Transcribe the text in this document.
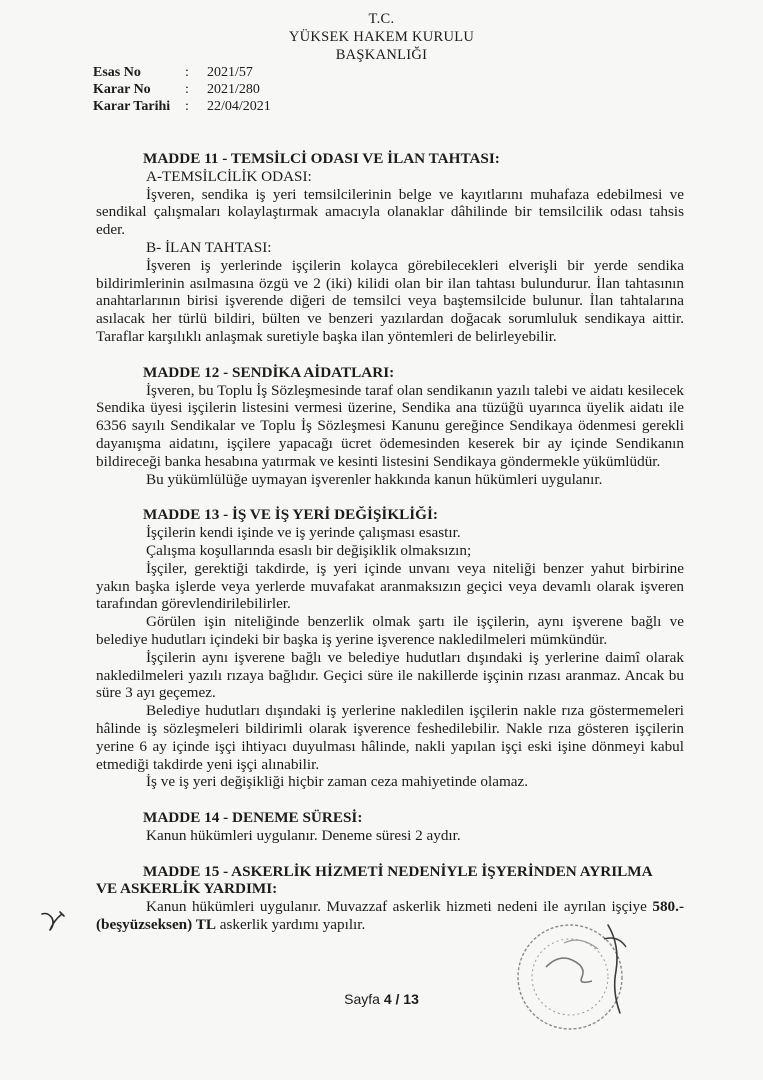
T.C.
YÜKSEK HAKEM KURULU
BAŞKANLIĞI
Esas No	:	2021/57
Karar No	:	2021/280
Karar Tarihi	:	22/04/2021
MADDE 11 - TEMSİLCİ ODASI VE İLAN TAHTASI:
A-TEMSİLCİLİK ODASI:
İşveren, sendika iş yeri temsilcilerinin belge ve kayıtlarını muhafaza edebilmesi ve sendikal çalışmaları kolaylaştırmak amacıyla olanaklar dâhilinde bir temsilcilik odası tahsis eder.
B- İLAN TAHTASI:
İşveren iş yerlerinde işçilerin kolayca görebilecekleri elverişli bir yerde sendika bildirimlerinin asılmasına özgü ve 2 (iki) kilidi olan bir ilan tahtası bulundurur. İlan tahtasının anahtarlarının birisi işverende diğeri de temsilci veya baştemsilcide bulunur. İlan tahtalarına asılacak her türlü bildiri, bülten ve benzeri yazılardan doğacak sorumluluk sendikaya aittir. Taraflar karşılıklı anlaşmak suretiyle başka ilan yöntemleri de belirleyebilir.
MADDE 12 - SENDİKA AİDATLARI:
İşveren, bu Toplu İş Sözleşmesinde taraf olan sendikanın yazılı talebi ve aidatı kesilecek Sendika üyesi işçilerin listesini vermesi üzerine, Sendika ana tüzüğü uyarınca üyelik aidatı ile 6356 sayılı Sendikalar ve Toplu İş Sözleşmesi Kanunu gereğince Sendikaya ödenmesi gerekli dayanışma aidatını, işçilere yapacağı ücret ödemesinden keserek bir ay içinde Sendikanın bildireceği banka hesabına yatırmak ve kesinti listesini Sendikaya göndermekle yükümlüdür.
Bu yükümlülüğe uymayan işverenler hakkında kanun hükümleri uygulanır.
MADDE 13 - İŞ VE İŞ YERİ DEĞİŞİKLİĞİ:
İşçilerin kendi işinde ve iş yerinde çalışması esastır.
Çalışma koşullarında esaslı bir değişiklik olmaksızın;
İşçiler, gerektiği takdirde, iş yeri içinde unvanı veya niteliği benzer yahut birbirine yakın başka işlerde veya yerlerde muvafakat aranmaksızın geçici veya devamlı olarak işveren tarafından görevlendirilebilirler.
Görülen işin niteliğinde benzerlik olmak şartı ile işçilerin, aynı işverene bağlı ve belediye hudutları içindeki bir başka iş yerine işverence nakledilmeleri mümkündür.
İşçilerin aynı işverene bağlı ve belediye hudutları dışındaki iş yerlerine daimî olarak nakledilmeleri yazılı rızaya bağlıdır. Geçici süre ile nakillerde işçinin rızası aranmaz. Ancak bu süre 3 ayı geçemez.
Belediye hudutları dışındaki iş yerlerine nakledilen işçilerin nakle rıza göstermemeleri hâlinde iş sözleşmeleri bildirimli olarak işverence feshedilebilir. Nakle rıza gösteren işçilerin yerine 6 ay içinde işçi ihtiyacı duyulması hâlinde, nakli yapılan işçi eski işine dönmeyi kabul etmediği takdirde yeni işçi alınabilir.
İş ve iş yeri değişikliği hiçbir zaman ceza mahiyetinde olamaz.
MADDE 14 - DENEME SÜRESİ:
Kanun hükümleri uygulanır. Deneme süresi 2 aydır.
MADDE 15 - ASKERLİK HİZMETİ NEDENİYLE İŞYERİNDEN AYRILMA
VE ASKERLİK YARDIMI:
Kanun hükümleri uygulanır. Muvazzaf askerlik hizmeti nedeni ile ayrılan işçiye 580.- (beşyüzseksen) TL askerlik yardımı yapılır.
Sayfa 4 / 13
